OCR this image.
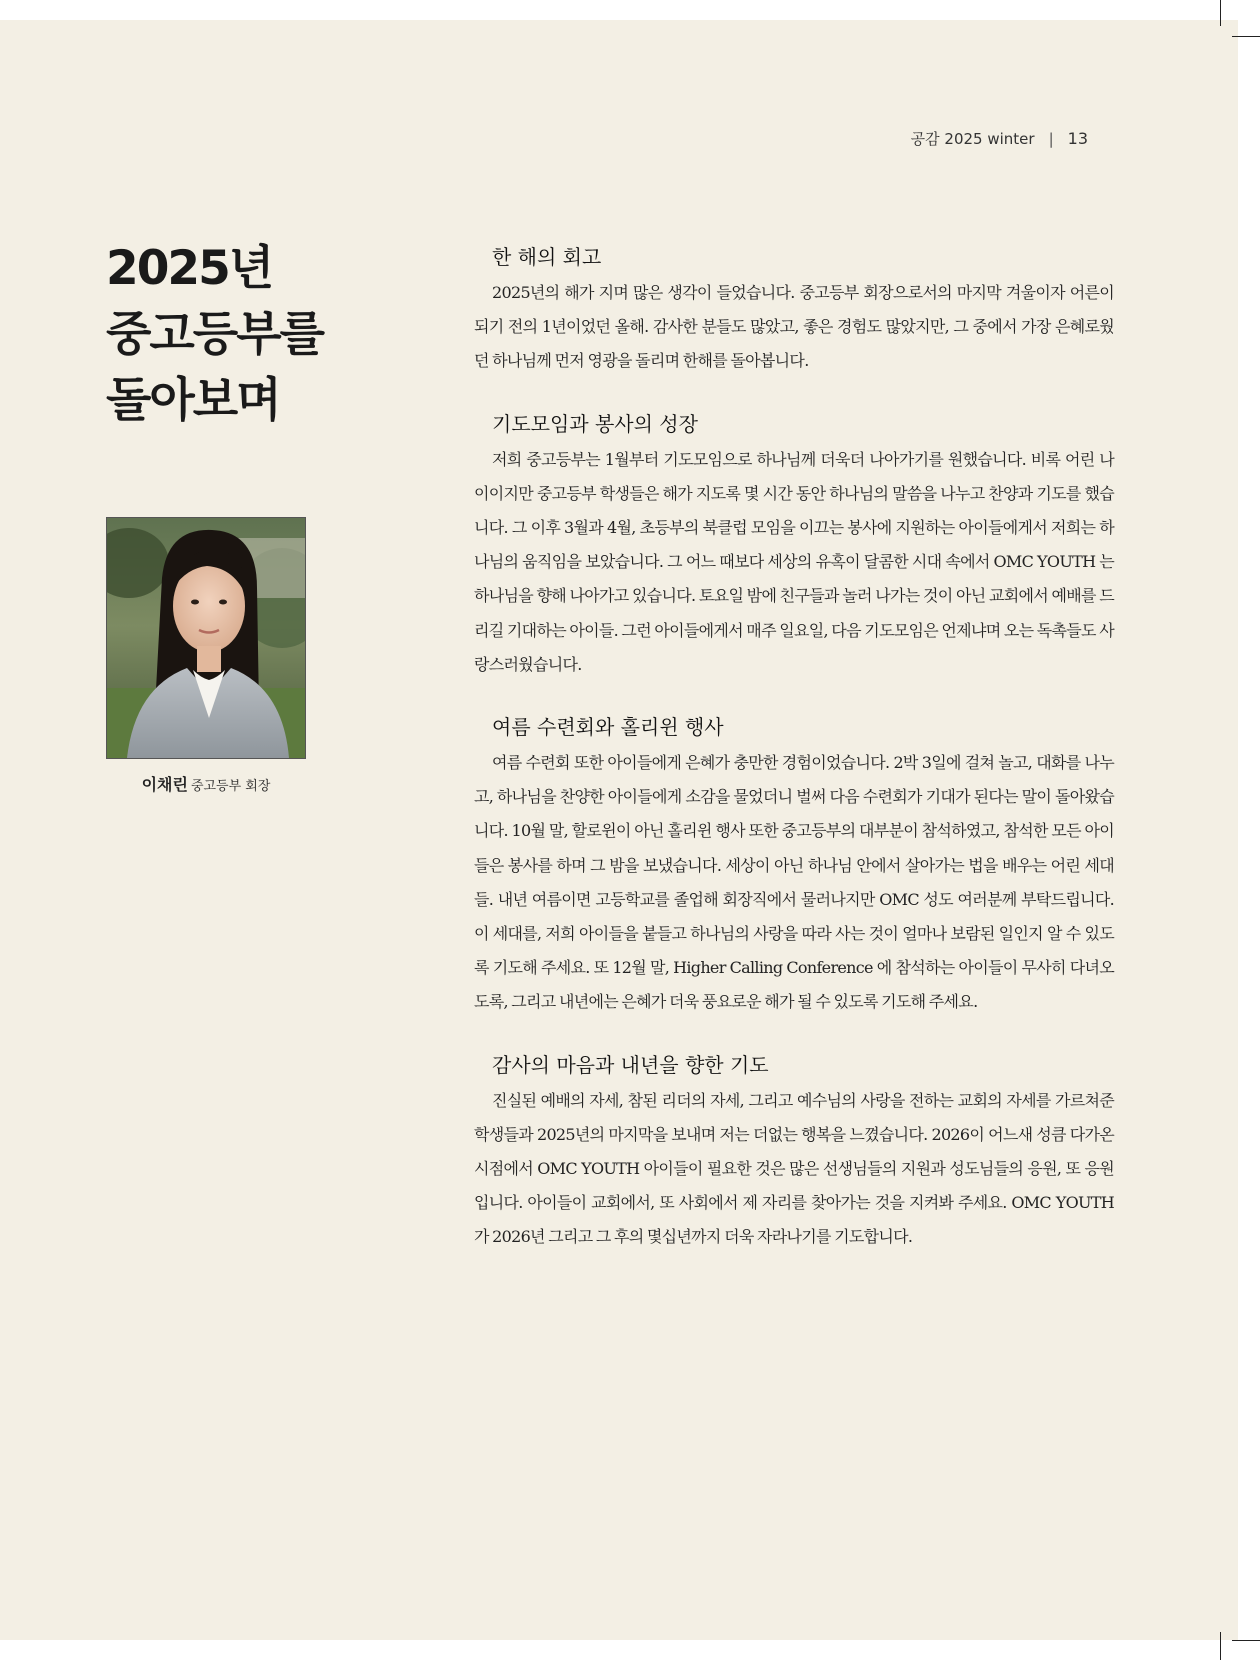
공감 2025 winter | 13
2025년
중고등부를
돌아보며
이채린 중고등부 회장
한 해의 회고

2025년의 해가 지며 많은 생각이 들었습니다. 중고등부 회장으로서의 마지막 겨울이자 어른이 되기 전의 1년이었던 올해. 감사한 분들도 많았고, 좋은 경험도 많았지만, 그 중에서 가장 은혜로웠던 하나님께 먼저 영광을 돌리며 한해를 돌아봅니다.

기도모임과 봉사의 성장

저희 중고등부는 1월부터 기도모임으로 하나님께 더욱더 나아가기를 원했습니다. 비록 어린 나이이지만 중고등부 학생들은 해가 지도록 몇 시간 동안 하나님의 말씀을 나누고 찬양과 기도를 했습니다. 그 이후 3월과 4월, 초등부의 북클럽 모임을 이끄는 봉사에 지원하는 아이들에게서 저희는 하나님의 움직임을 보았습니다. 그 어느 때보다 세상의 유혹이 달콤한 시대 속에서 OMC YOUTH 는 하나님을 향해 나아가고 있습니다. 토요일 밤에 친구들과 놀러 나가는 것이 아닌 교회에서 예배를 드리길 기대하는 아이들. 그런 아이들에게서 매주 일요일, 다음 기도모임은 언제냐며 오는 독촉들도 사랑스러웠습니다.

여름 수련회와 홀리윈 행사

여름 수련회 또한 아이들에게 은혜가 충만한 경험이었습니다. 2박 3일에 걸쳐 놀고, 대화를 나누고, 하나님을 찬양한 아이들에게 소감을 물었더니 벌써 다음 수련회가 기대가 된다는 말이 돌아왔습니다. 10월 말, 할로윈이 아닌 홀리윈 행사 또한 중고등부의 대부분이 참석하였고, 참석한 모든 아이들은 봉사를 하며 그 밤을 보냈습니다. 세상이 아닌 하나님 안에서 살아가는 법을 배우는 어린 세대들. 내년 여름이면 고등학교를 졸업해 회장직에서 물러나지만 OMC 성도 여러분께 부탁드립니다. 이 세대를, 저희 아이들을 붙들고 하나님의 사랑을 따라 사는 것이 얼마나 보람된 일인지 알 수 있도록 기도해 주세요. 또 12월 말, Higher Calling Conference 에 참석하는 아이들이 무사히 다녀오도록, 그리고 내년에는 은혜가 더욱 풍요로운 해가 될 수 있도록 기도해 주세요.

감사의 마음과 내년을 향한 기도

진실된 예배의 자세, 참된 리더의 자세, 그리고 예수님의 사랑을 전하는 교회의 자세를 가르쳐준 학생들과 2025년의 마지막을 보내며 저는 더없는 행복을 느꼈습니다. 2026이 어느새 성큼 다가온 시점에서 OMC YOUTH 아이들이 필요한 것은 많은 선생님들의 지원과 성도님들의 응원, 또 응원입니다. 아이들이 교회에서, 또 사회에서 제 자리를 찾아가는 것을 지켜봐 주세요. OMC YOUTH 가 2026년 그리고 그 후의 몇십년까지 더욱 자라나기를 기도합니다.
